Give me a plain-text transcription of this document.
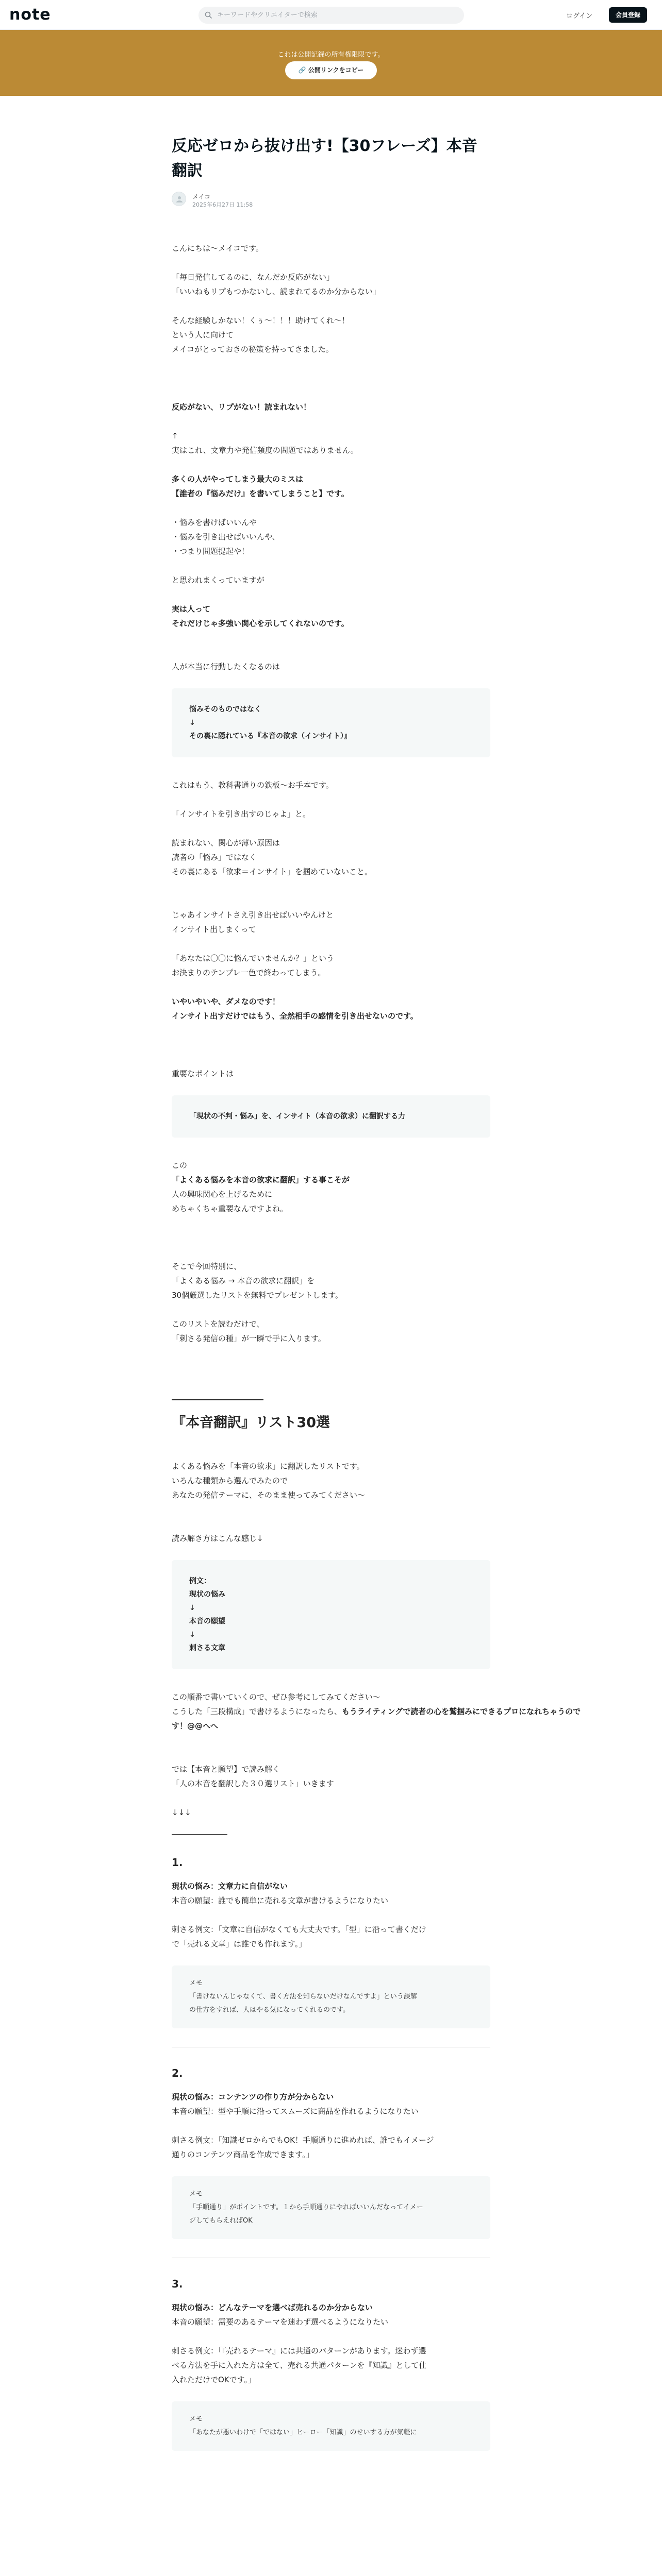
note	キーワードやクリエイターで検索	ログイン	会員登録
これは公開記録の所有権限限です。
🔗 公開リンクをコピー
反応ゼロから抜け出す!【30フレーズ】本音
翻訳
メイコ
2025年6月27日 11:58
こんにちは〜メイコです。
「毎日発信してるのに、なんだか反応がない」
「いいねもリプもつかないし、読まれてるのか分からない」
そんな経験しかない！くぅ〜！！！助けてくれ〜！
という人に向けて
メイコがとっておきの秘策を持ってきました。
反応がない、リプがない！読まれない！
↑
実はこれ、文章力や発信頻度の問題ではありません。
多くの人がやってしまう最大のミスは
【誰者の『悩みだけ』を書いてしまうこと】です。
・悩みを書けばいいんや
・悩みを引き出せばいいんや、
・つまり問題提起や！
と思われまくっていますが
実は人って
それだけじゃ多強い関心を示してくれないのです。
人が本当に行動したくなるのは
悩みそのものではなく
↓
その裏に隠れている『本音の欲求（インサイト）』
これはもう、教科書通りの鉄板〜お手本です。
「インサイトを引き出すのじゃよ」と。
読まれない、関心が薄い原因は
読者の「悩み」ではなく
その裏にある「欲求＝インサイト」を掴めていないこと。
じゃあインサイトさえ引き出せばいいやんけと
インサイト出しまくって
「あなたは〇〇に悩んでいませんか？」という
お決まりのテンプレ一色で終わってしまう。
いやいやいや、ダメなのです！
インサイト出すだけではもう、全然相手の感情を引き出せないのです。
重要なポイントは
「現状の不判・悩み」を、インサイト（本音の欲求）に翻訳する力
この
「よくある悩みを本音の欲求に翻訳」する事こそが
人の興味関心を上げるために
めちゃくちゃ重要なんですよね。
そこで今回特別に、
「よくある悩み → 本音の欲求に翻訳」を
30個厳選したリストを無料でプレゼントします。
このリストを読むだけで、
「刺さる発信の種」が一瞬で手に入ります。
『本音翻訳』リスト30選
よくある悩みを「本音の欲求」に翻訳したリストです。
いろんな種類から選んでみたので
あなたの発信テーマに、そのまま使ってみてください〜
読み解き方はこんな感じ↓
例文：
現状の悩み
↓
本音の願望
↓
刺さる文章
この順番で書いていくので、ぜひ参考にしてみてください〜
こうした「三段構成」で書けるようになったら、もうライティングで読者の心を鷲掴みにできるプロになれちゃうので
す！@@へへ
では【本音と願望】で読み解く
「人の本音を翻訳した３０選リスト」いきます
↓↓↓
1.
現状の悩み：文章力に自信がない
本音の願望：誰でも簡単に売れる文章が書けるようになりたい
刺さる例文：「文章に自信がなくても大丈夫です。「型」に沿って書くだけ
で「売れる文章」は誰でも作れます。」
メモ
「書けないんじゃなくて、書く方法を知らないだけなんですよ」という誤解
の仕方をすれば、人はやる気になってくれるのです。
2.
現状の悩み：コンテンツの作り方が分からない
本音の願望：型や手順に沿ってスムーズに商品を作れるようになりたい
刺さる例文：「知識ゼロからでもOK！手順通りに進めれば、誰でもイメージ
通りのコンテンツ商品を作成できます。」
メモ
「手順通り」がポイントです。１から手順通りにやればいいんだなってイメー
ジしてもらえればOK
3.
現状の悩み：どんなテーマを選べば売れるのか分からない
本音の願望：需要のあるテーマを迷わず選べるようになりたい
刺さる例文：「『売れるテーマ』には共通のパターンがあります。迷わず選
べる方法を手に入れた方は全て、売れる共通パターンを『知識』として仕
入れただけでOKです。」
メモ
「あなたが悪いわけで「ではない」ヒーロー「知識」のせいする方が気軽に
